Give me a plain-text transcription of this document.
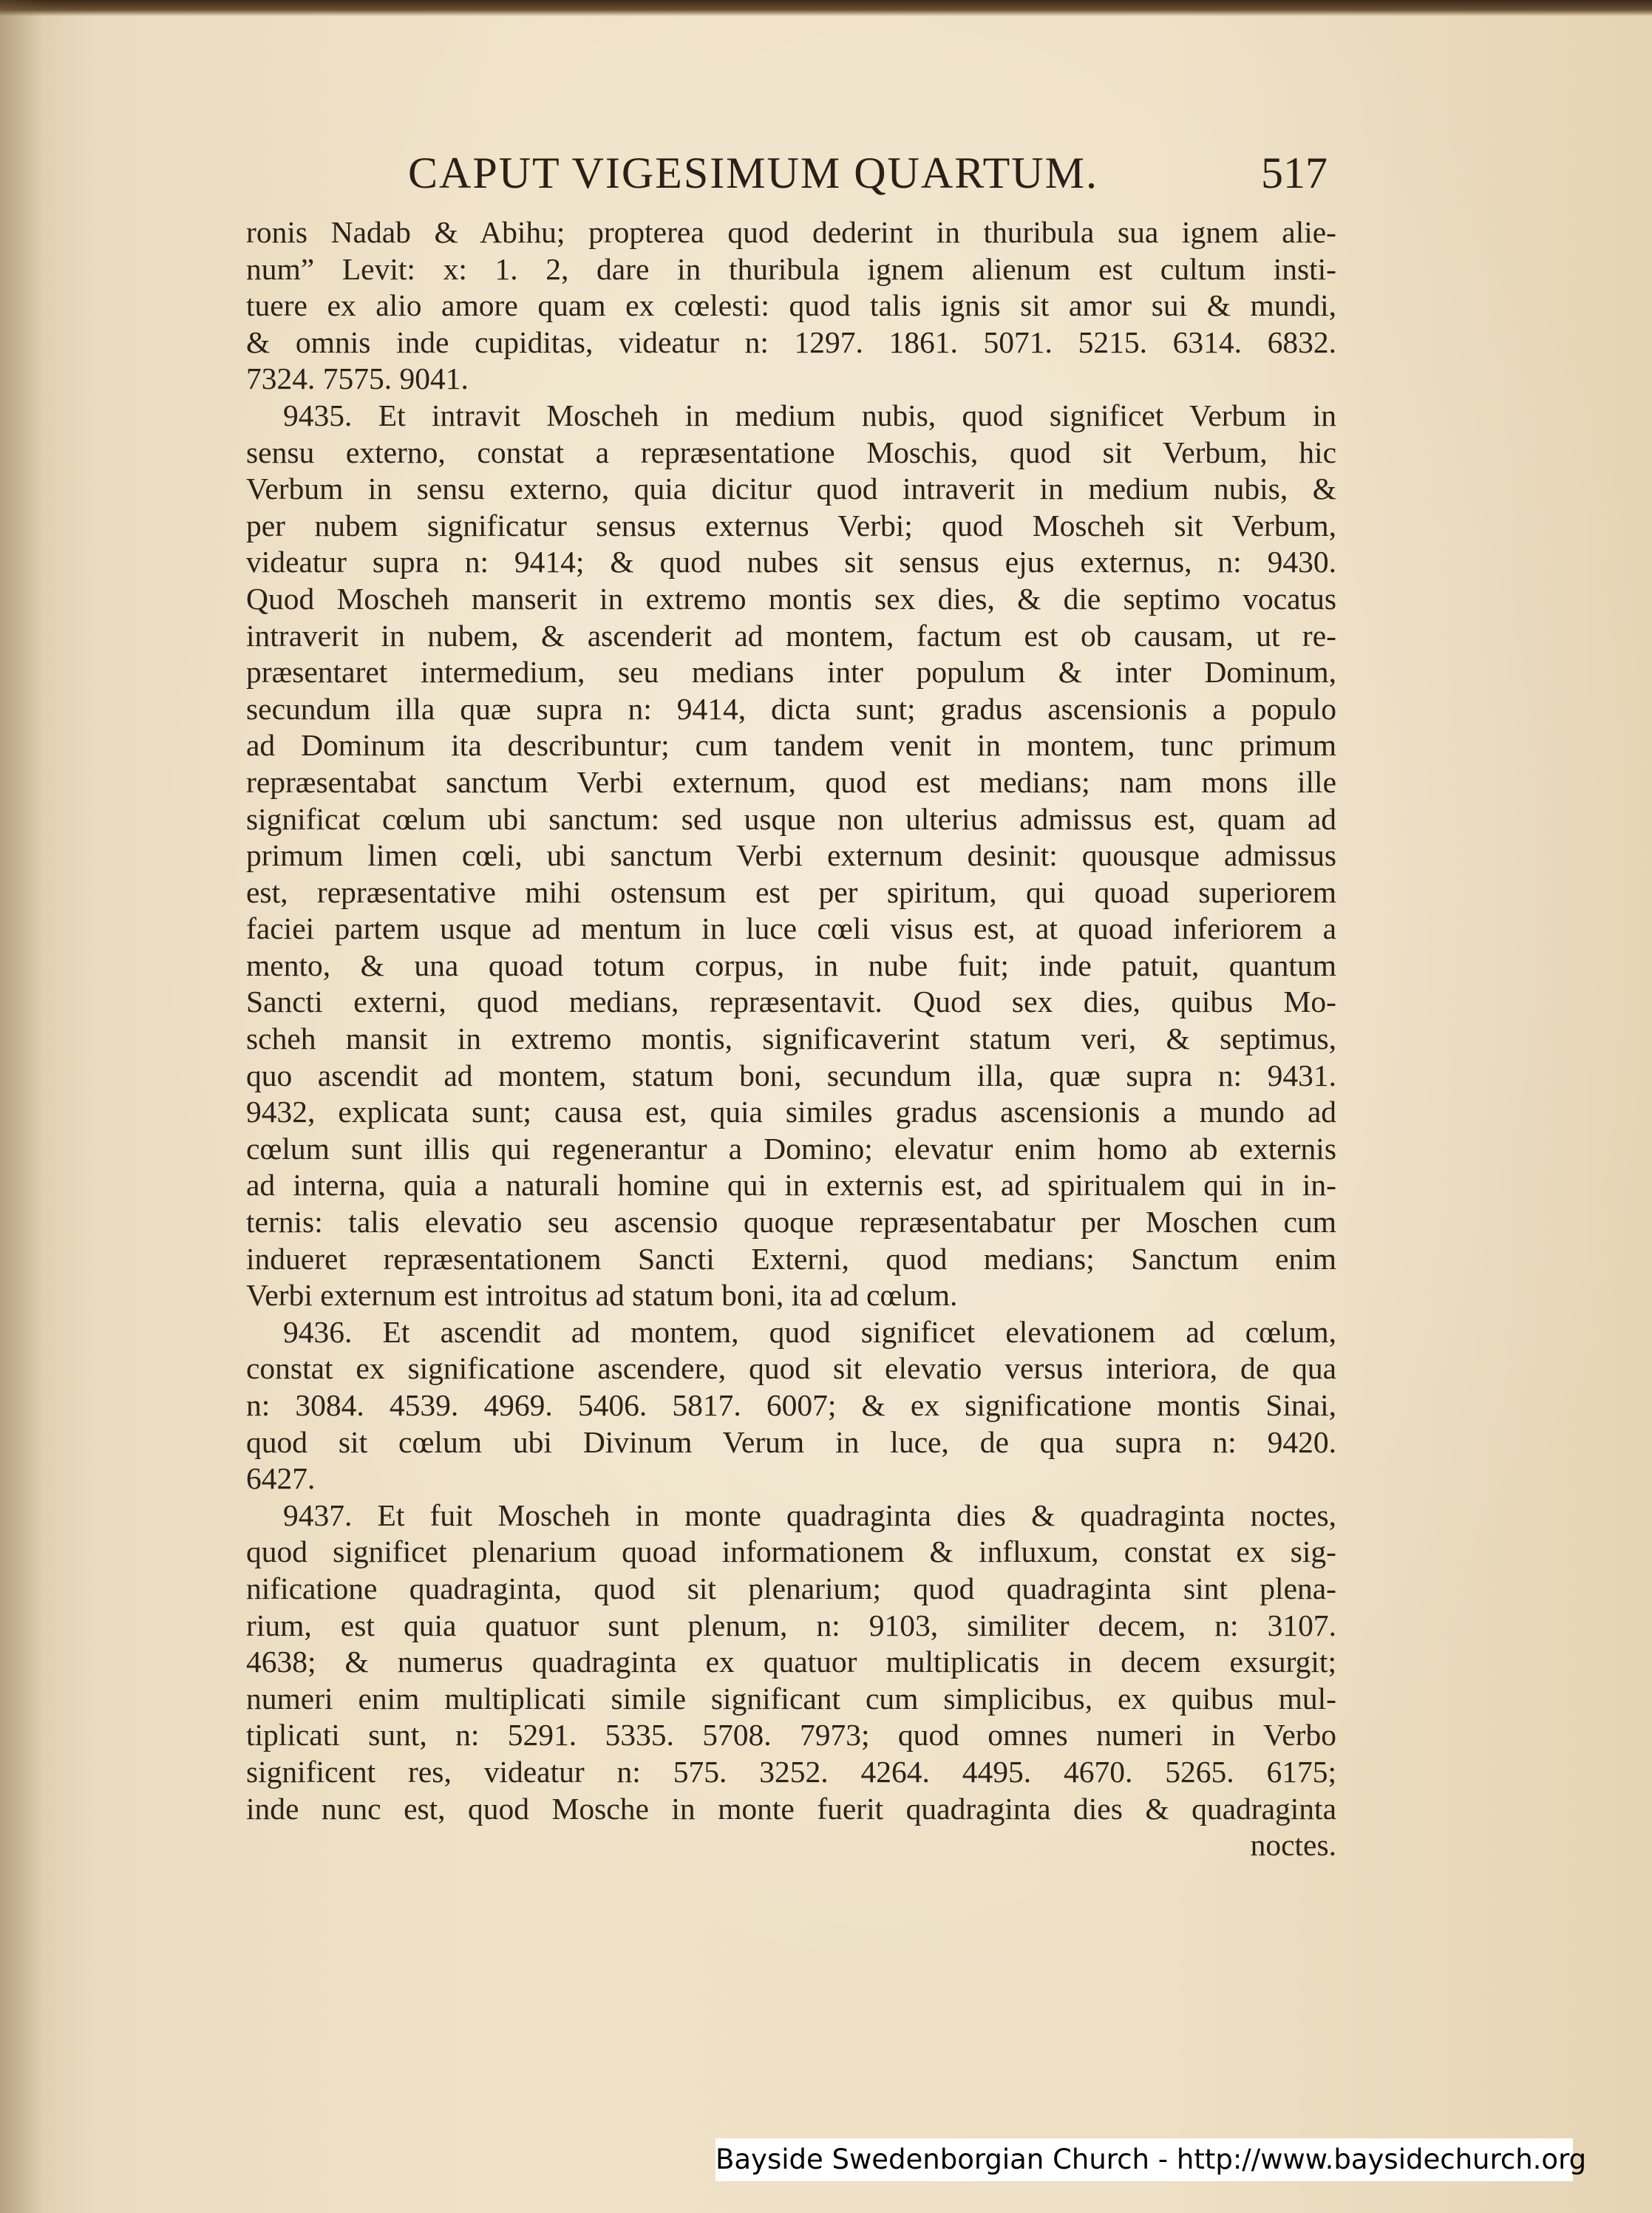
CAPUT VIGESIMUM QUARTUM.	517
ronis Nadab & Abihu; propterea quod dederint in thuribula sua ignem alie-
num” Levit: x: 1. 2, dare in thuribula ignem alienum est cultum insti-
tuere ex alio amore quam ex cœlesti: quod talis ignis sit amor sui & mundi,
& omnis inde cupiditas, videatur n: 1297. 1861. 5071. 5215. 6314. 6832.
7324. 7575. 9041.
9435. Et intravit Moscheh in medium nubis, quod significet Verbum in
sensu externo, constat a repræsentatione Moschis, quod sit Verbum, hic
Verbum in sensu externo, quia dicitur quod intraverit in medium nubis, &
per nubem significatur sensus externus Verbi; quod Moscheh sit Verbum,
videatur supra n: 9414; & quod nubes sit sensus ejus externus, n: 9430.
Quod Moscheh manserit in extremo montis sex dies, & die septimo vocatus
intraverit in nubem, & ascenderit ad montem, factum est ob causam, ut re-
præsentaret intermedium, seu medians inter populum & inter Dominum,
secundum illa quæ supra n: 9414, dicta sunt; gradus ascensionis a populo
ad Dominum ita describuntur; cum tandem venit in montem, tunc primum
repræsentabat sanctum Verbi externum, quod est medians; nam mons ille
significat cœlum ubi sanctum: sed usque non ulterius admissus est, quam ad
primum limen cœli, ubi sanctum Verbi externum desinit: quousque admissus
est, repræsentative mihi ostensum est per spiritum, qui quoad superiorem
faciei partem usque ad mentum in luce cœli visus est, at quoad inferiorem a
mento, & una quoad totum corpus, in nube fuit; inde patuit, quantum
Sancti externi, quod medians, repræsentavit. Quod sex dies, quibus Mo-
scheh mansit in extremo montis, significaverint statum veri, & septimus,
quo ascendit ad montem, statum boni, secundum illa, quæ supra n: 9431.
9432, explicata sunt; causa est, quia similes gradus ascensionis a mundo ad
cœlum sunt illis qui regenerantur a Domino; elevatur enim homo ab externis
ad interna, quia a naturali homine qui in externis est, ad spiritualem qui in in-
ternis: talis elevatio seu ascensio quoque repræsentabatur per Moschen cum
indueret repræsentationem Sancti Externi, quod medians; Sanctum enim
Verbi externum est introitus ad statum boni, ita ad cœlum.
9436. Et ascendit ad montem, quod significet elevationem ad cœlum,
constat ex significatione ascendere, quod sit elevatio versus interiora, de qua
n: 3084. 4539. 4969. 5406. 5817. 6007; & ex significatione montis Sinai,
quod sit cœlum ubi Divinum Verum in luce, de qua supra n: 9420.
6427.
9437. Et fuit Moscheh in monte quadraginta dies & quadraginta noctes,
quod significet plenarium quoad informationem & influxum, constat ex sig-
nificatione quadraginta, quod sit plenarium; quod quadraginta sint plena-
rium, est quia quatuor sunt plenum, n: 9103, similiter decem, n: 3107.
4638; & numerus quadraginta ex quatuor multiplicatis in decem exsurgit;
numeri enim multiplicati simile significant cum simplicibus, ex quibus mul-
tiplicati sunt, n: 5291. 5335. 5708. 7973; quod omnes numeri in Verbo
significent res, videatur n: 575. 3252. 4264. 4495. 4670. 5265. 6175;
inde nunc est, quod Mosche in monte fuerit quadraginta dies & quadraginta
noctes.
Bayside Swedenborgian Church - http://www.baysidechurch.org
